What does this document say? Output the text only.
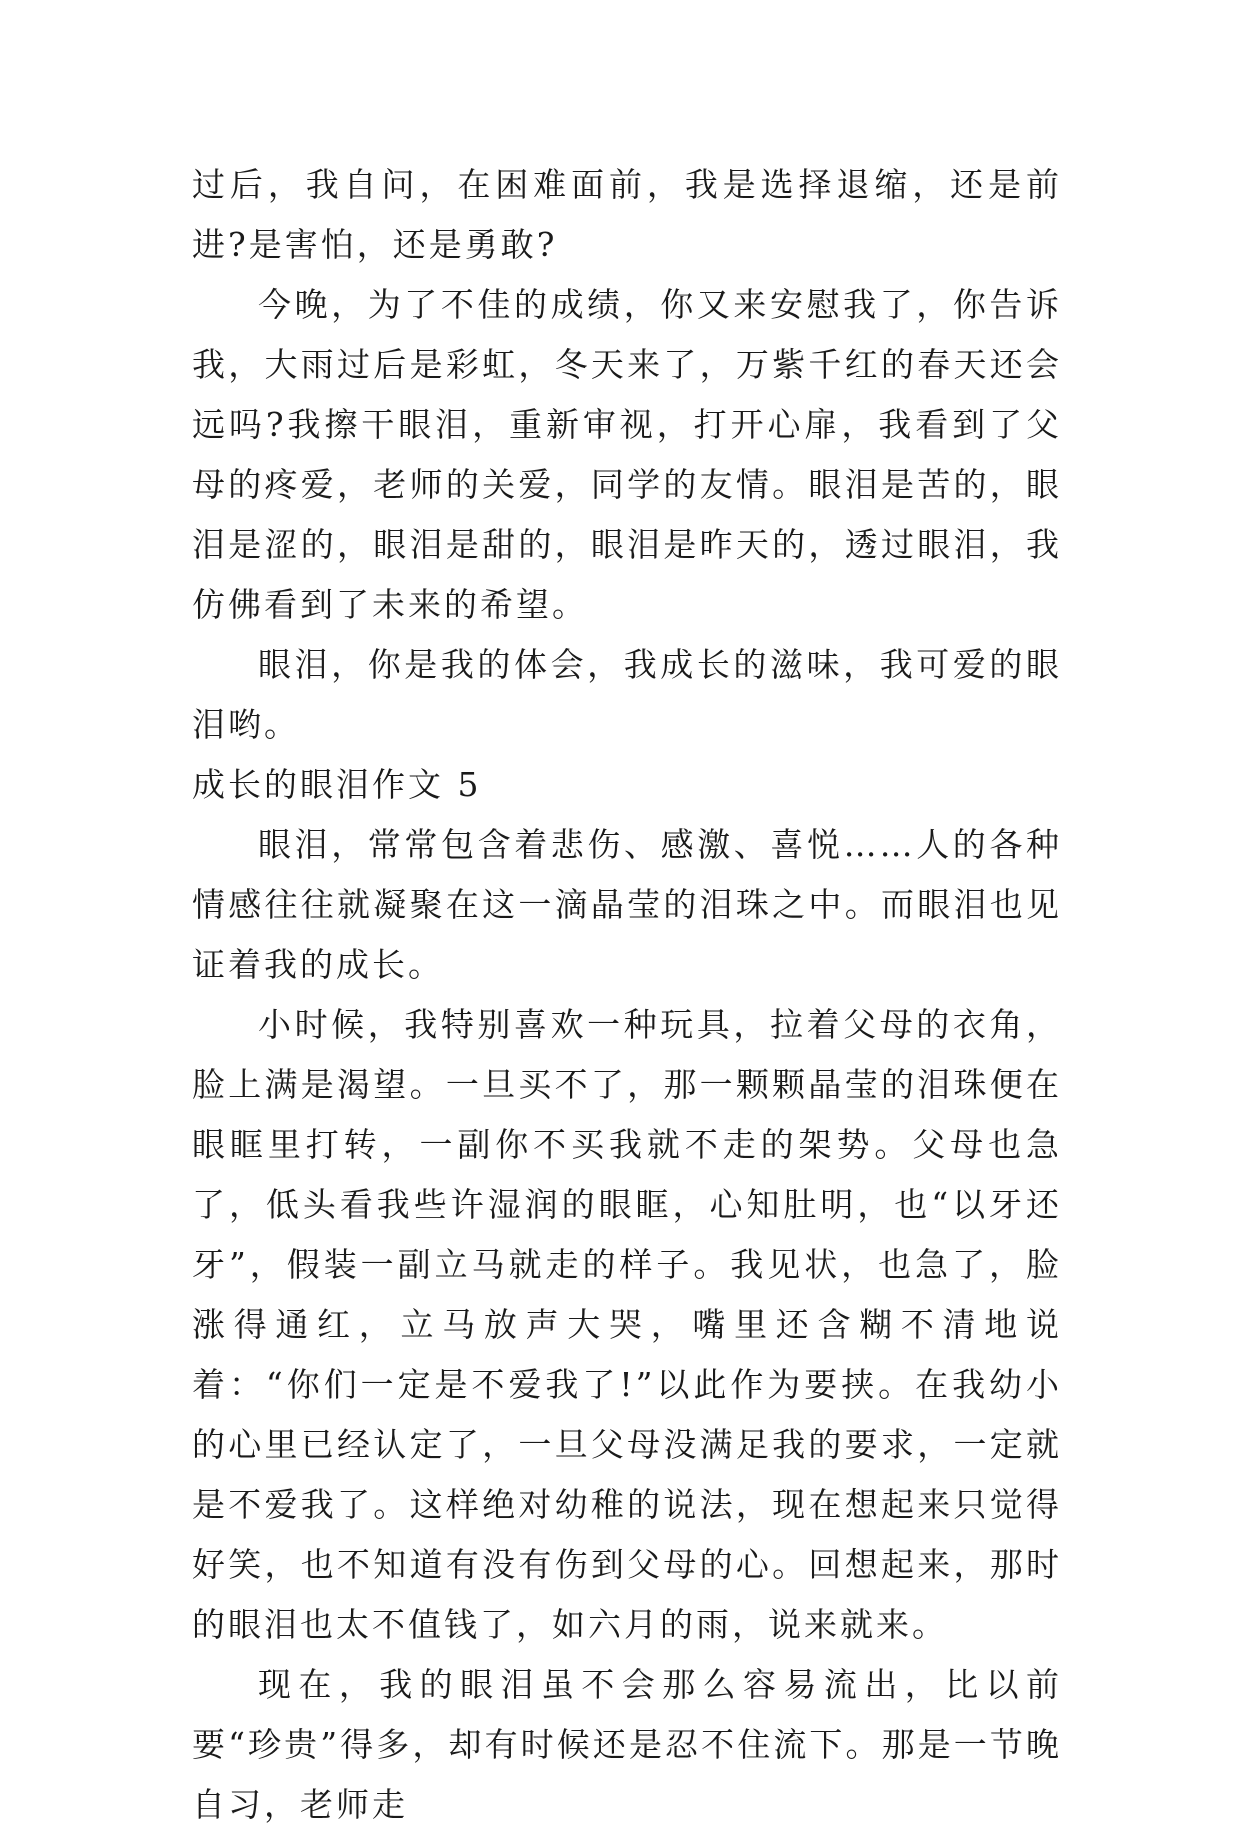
过后，我自问，在困难面前，我是选择退缩，还是前进?是害怕，还是勇敢?

今晚，为了不佳的成绩，你又来安慰我了，你告诉我，大雨过后是彩虹，冬天来了，万紫千红的春天还会远吗?我擦干眼泪，重新审视，打开心扉，我看到了父母的疼爱，老师的关爱，同学的友情。眼泪是苦的，眼泪是涩的，眼泪是甜的，眼泪是昨天的，透过眼泪，我仿佛看到了未来的希望。

眼泪，你是我的体会，我成长的滋味，我可爱的眼泪哟。

成长的眼泪作文 5

眼泪，常常包含着悲伤、感激、喜悦……人的各种情感往往就凝聚在这一滴晶莹的泪珠之中。而眼泪也见证着我的成长。

小时候，我特别喜欢一种玩具，拉着父母的衣角，脸上满是渴望。一旦买不了，那一颗颗晶莹的泪珠便在眼眶里打转，一副你不买我就不走的架势。父母也急了，低头看我些许湿润的眼眶，心知肚明，也“以牙还牙”，假装一副立马就走的样子。我见状，也急了，脸涨得通红，立马放声大哭，嘴里还含糊不清地说着：“你们一定是不爱我了!”以此作为要挟。在我幼小的心里已经认定了，一旦父母没满足我的要求，一定就是不爱我了。这样绝对幼稚的说法，现在想起来只觉得好笑，也不知道有没有伤到父母的心。回想起来，那时的眼泪也太不值钱了，如六月的雨，说来就来。

现在，我的眼泪虽不会那么容易流出，比以前要“珍贵”得多，却有时候还是忍不住流下。那是一节晚自习，老师走
